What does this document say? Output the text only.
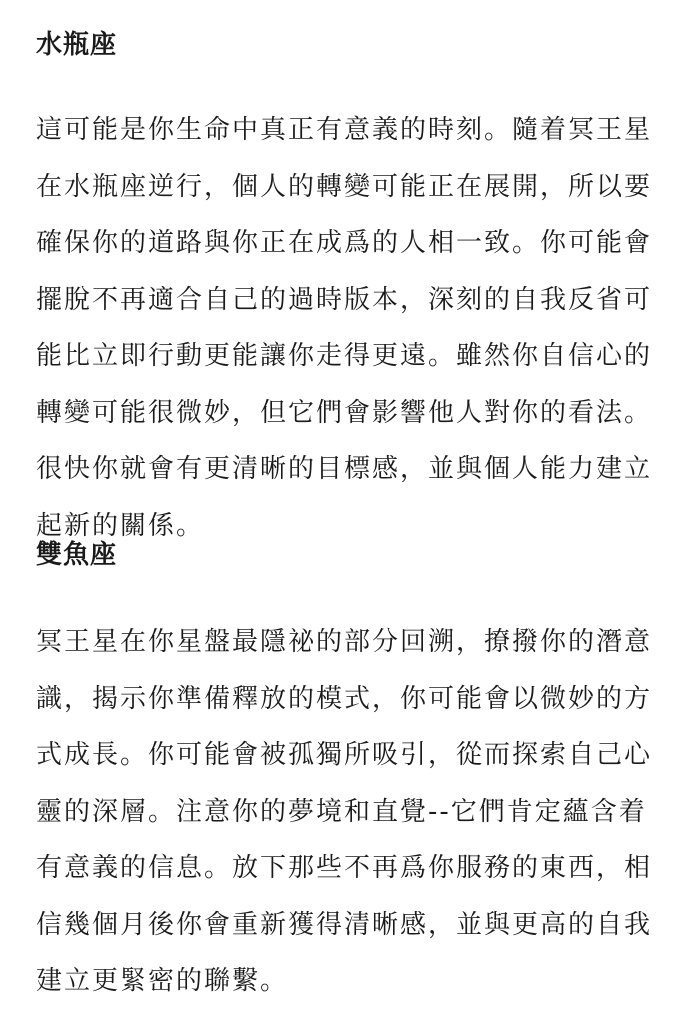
水瓶座

這可能是你生命中真正有意義的時刻。隨着冥王星在水瓶座逆行，個人的轉變可能正在展開，所以要確保你的道路與你正在成爲的人相一致。你可能會擺脫不再適合自己的過時版本，深刻的自我反省可能比立即行動更能讓你走得更遠。雖然你自信心的轉變可能很微妙，但它們會影響他人對你的看法。很快你就會有更清晰的目標感，並與個人能力建立起新的關係。

雙魚座

冥王星在你星盤最隱祕的部分回溯，撩撥你的潛意識，揭示你準備釋放的模式，你可能會以微妙的方式成長。你可能會被孤獨所吸引，從而探索自己心靈的深層。注意你的夢境和直覺--它們肯定蘊含着有意義的信息。放下那些不再爲你服務的東西，相信幾個月後你會重新獲得清晰感，並與更高的自我建立更緊密的聯繫。
